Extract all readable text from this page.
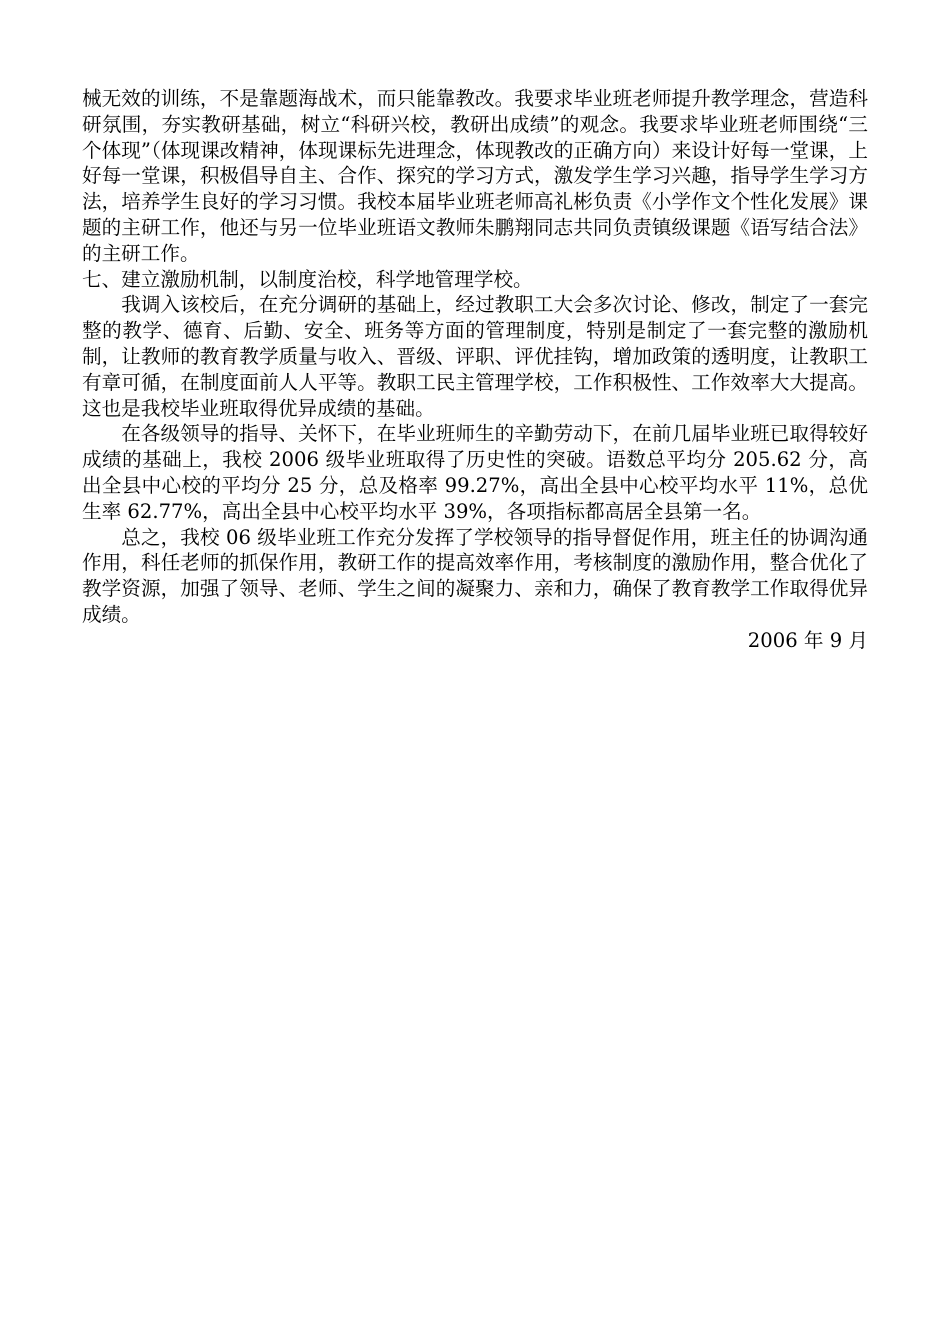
械无效的训练，不是靠题海战术，而只能靠教改。我要求毕业班老师提升教学理念，营造科研氛围，夯实教研基础，树立“科研兴校，教研出成绩”的观念。我要求毕业班老师围绕“三个体现”（体现课改精神，体现课标先进理念，体现教改的正确方向）来设计好每一堂课，上好每一堂课，积极倡导自主、合作、探究的学习方式，激发学生学习兴趣，指导学生学习方法，培养学生良好的学习习惯。我校本届毕业班老师高礼彬负责《小学作文个性化发展》课题的主研工作，他还与另一位毕业班语文教师朱鹏翔同志共同负责镇级课题《语写结合法》的主研工作。

七、建立激励机制，以制度治校，科学地管理学校。

我调入该校后，在充分调研的基础上，经过教职工大会多次讨论、修改，制定了一套完整的教学、德育、后勤、安全、班务等方面的管理制度，特别是制定了一套完整的激励机制，让教师的教育教学质量与收入、晋级、评职、评优挂钩，增加政策的透明度，让教职工有章可循，在制度面前人人平等。教职工民主管理学校，工作积极性、工作效率大大提高。这也是我校毕业班取得优异成绩的基础。

在各级领导的指导、关怀下，在毕业班师生的辛勤劳动下，在前几届毕业班已取得较好成绩的基础上，我校 2006 级毕业班取得了历史性的突破。语数总平均分 205.62 分，高出全县中心校的平均分 25 分，总及格率 99.27%，高出全县中心校平均水平 11%，总优生率 62.77%，高出全县中心校平均水平 39%，各项指标都高居全县第一名。

总之，我校 06 级毕业班工作充分发挥了学校领导的指导督促作用，班主任的协调沟通作用，科任老师的抓保作用，教研工作的提高效率作用，考核制度的激励作用，整合优化了教学资源，加强了领导、老师、学生之间的凝聚力、亲和力，确保了教育教学工作取得优异成绩。

2006 年 9 月
